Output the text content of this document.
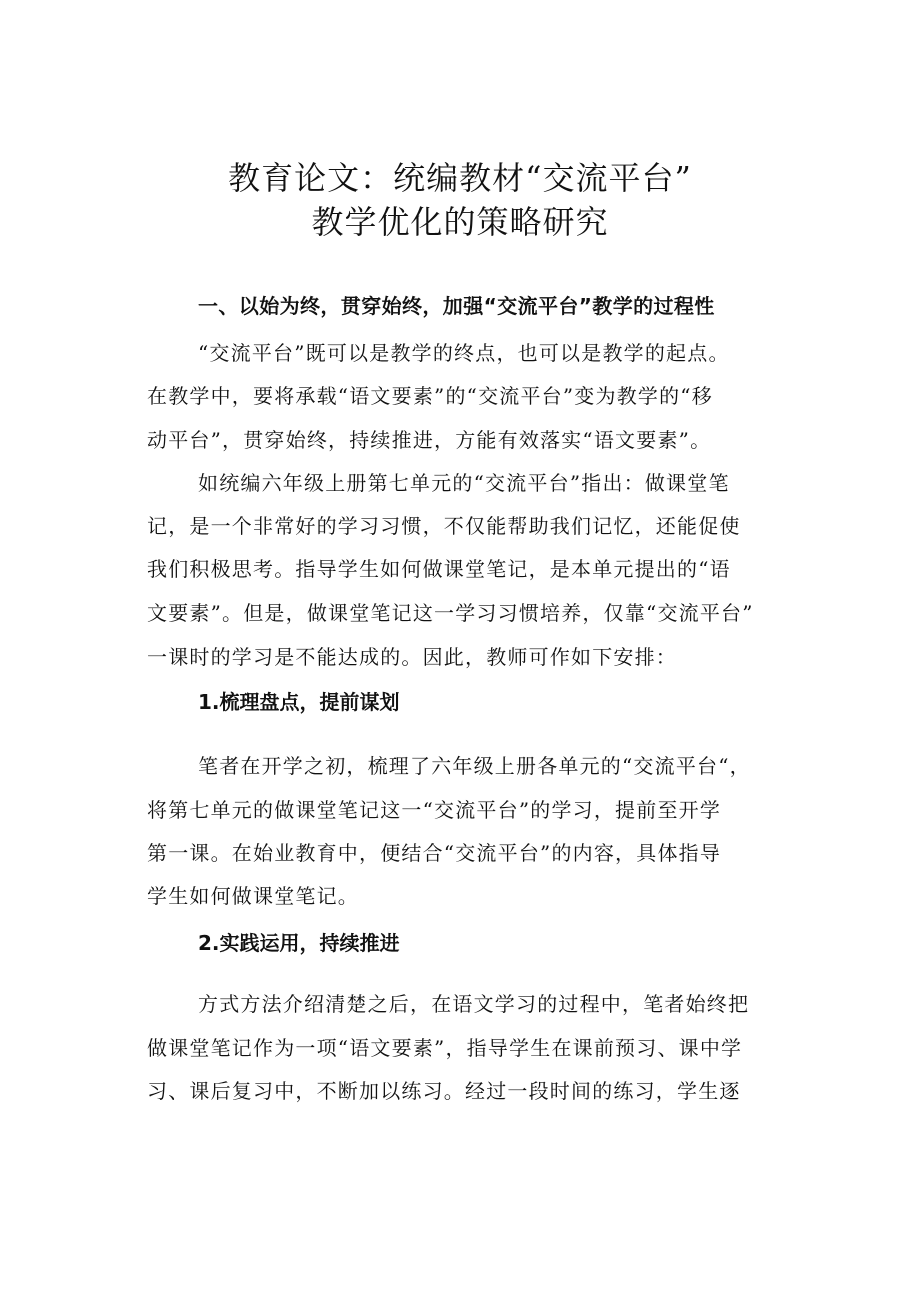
教育论文：统编教材“交流平台”
教学优化的策略研究
一、以始为终，贯穿始终，加强“交流平台”教学的过程性
“交流平台”既可以是教学的终点，也可以是教学的起点。
在教学中，要将承载“语文要素”的“交流平台”变为教学的“移
动平台”，贯穿始终，持续推进，方能有效落实“语文要素”。
如统编六年级上册第七单元的“交流平台”指出：做课堂笔
记，是一个非常好的学习习惯，不仅能帮助我们记忆，还能促使
我们积极思考。指导学生如何做课堂笔记，是本单元提出的“语
文要素”。但是，做课堂笔记这一学习习惯培养，仅靠“交流平台”
一课时的学习是不能达成的。因此，教师可作如下安排：
1.梳理盘点，提前谋划
笔者在开学之初，梳理了六年级上册各单元的“交流平台“，
将第七单元的做课堂笔记这一“交流平台”的学习，提前至开学
第一课。在始业教育中，便结合“交流平台”的内容，具体指导
学生如何做课堂笔记。
2.实践运用，持续推进
方式方法介绍清楚之后，在语文学习的过程中，笔者始终把
做课堂笔记作为一项“语文要素”，指导学生在课前预习、课中学
习、课后复习中，不断加以练习。经过一段时间的练习，学生逐
